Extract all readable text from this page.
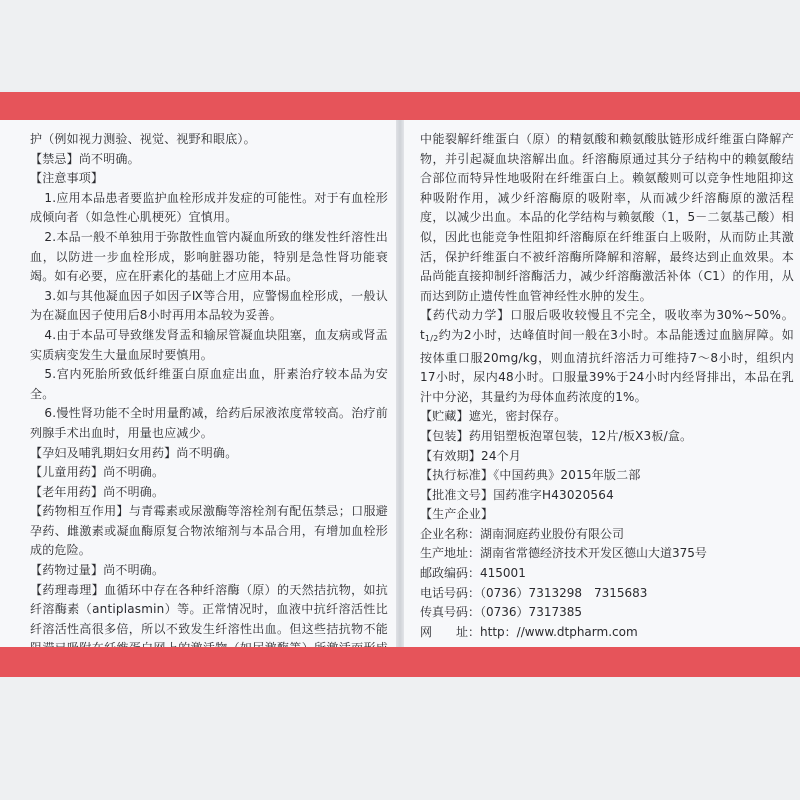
护（例如视力测验、视觉、视野和眼底）。

【禁忌】尚不明确。

【注意事项】

1.应用本品患者要监护血栓形成并发症的可能性。对于有血栓形成倾向者（如急性心肌梗死）宜慎用。

2.本品一般不单独用于弥散性血管内凝血所致的继发性纤溶性出血，以防进一步血栓形成，影响脏器功能，特别是急性肾功能衰竭。如有必要，应在肝素化的基础上才应用本品。

3.如与其他凝血因子如因子Ⅸ等合用，应警惕血栓形成，一般认为在凝血因子使用后8小时再用本品较为妥善。

4.由于本品可导致继发肾盂和输尿管凝血块阻塞，血友病或肾盂实质病变发生大量血尿时要慎用。

5.宫内死胎所致低纤维蛋白原血症出血，肝素治疗较本品为安全。

6.慢性肾功能不全时用量酌减，给药后尿液浓度常较高。治疗前列腺手术出血时，用量也应减少。

【孕妇及哺乳期妇女用药】尚不明确。

【儿童用药】尚不明确。

【老年用药】尚不明确。

【药物相互作用】与青霉素或尿激酶等溶栓剂有配伍禁忌；口服避孕药、雌激素或凝血酶原复合物浓缩剂与本品合用，有增加血栓形成的危险。

【药物过量】尚不明确。

【药理毒理】血循环中存在各种纤溶酶（原）的天然拮抗物，如抗纤溶酶素（antiplasmin）等。正常情况时，血液中抗纤溶活性比纤溶活性高很多倍，所以不致发生纤溶性出血。但这些拮抗物不能

中能裂解纤维蛋白（原）的精氨酸和赖氨酸肽链形成纤维蛋白降解产物，并引起凝血块溶解出血。纤溶酶原通过其分子结构中的赖氨酸结合部位而特异性地吸附在纤维蛋白上。赖氨酸则可以竞争性地阻抑这种吸附作用，减少纤溶酶原的吸附率，从而减少纤溶酶原的激活程度，以减少出血。本品的化学结构与赖氨酸（1，5－二氨基己酸）相似，因此也能竞争性阻抑纤溶酶原在纤维蛋白上吸附，从而防止其激活，保护纤维蛋白不被纤溶酶所降解和溶解，最终达到止血效果。本品尚能直接抑制纤溶酶活力，减少纤溶酶激活补体（C1）的作用，从而达到防止遗传性血管神经性水肿的发生。

【药代动力学】口服后吸收较慢且不完全，吸收率为30%~50%。$t_{1/2}$约为2小时，达峰值时间一般在3小时。本品能透过血脑屏障。如按体重口服20mg/kg，则血清抗纤溶活力可维持7～8小时，组织内17小时，尿内48小时。口服量39%于24小时内经肾排出，本品在乳汁中分泌，其量约为母体血药浓度的1%。

【贮藏】遮光，密封保存。

【包装】药用铝塑板泡罩包装，12片/板X3板/盒。

【有效期】24个月

【执行标准】《中国药典》2015年版二部

【批准文号】国药准字H43020564

【生产企业】

企业名称：湖南洞庭药业股份有限公司
生产地址：湖南省常德经济技术开发区德山大道375号
邮政编码：415001
电话号码：（0736）7313298　7315683
传真号码：（0736）7317385
网　　址：http：//www.dtpharm.com
